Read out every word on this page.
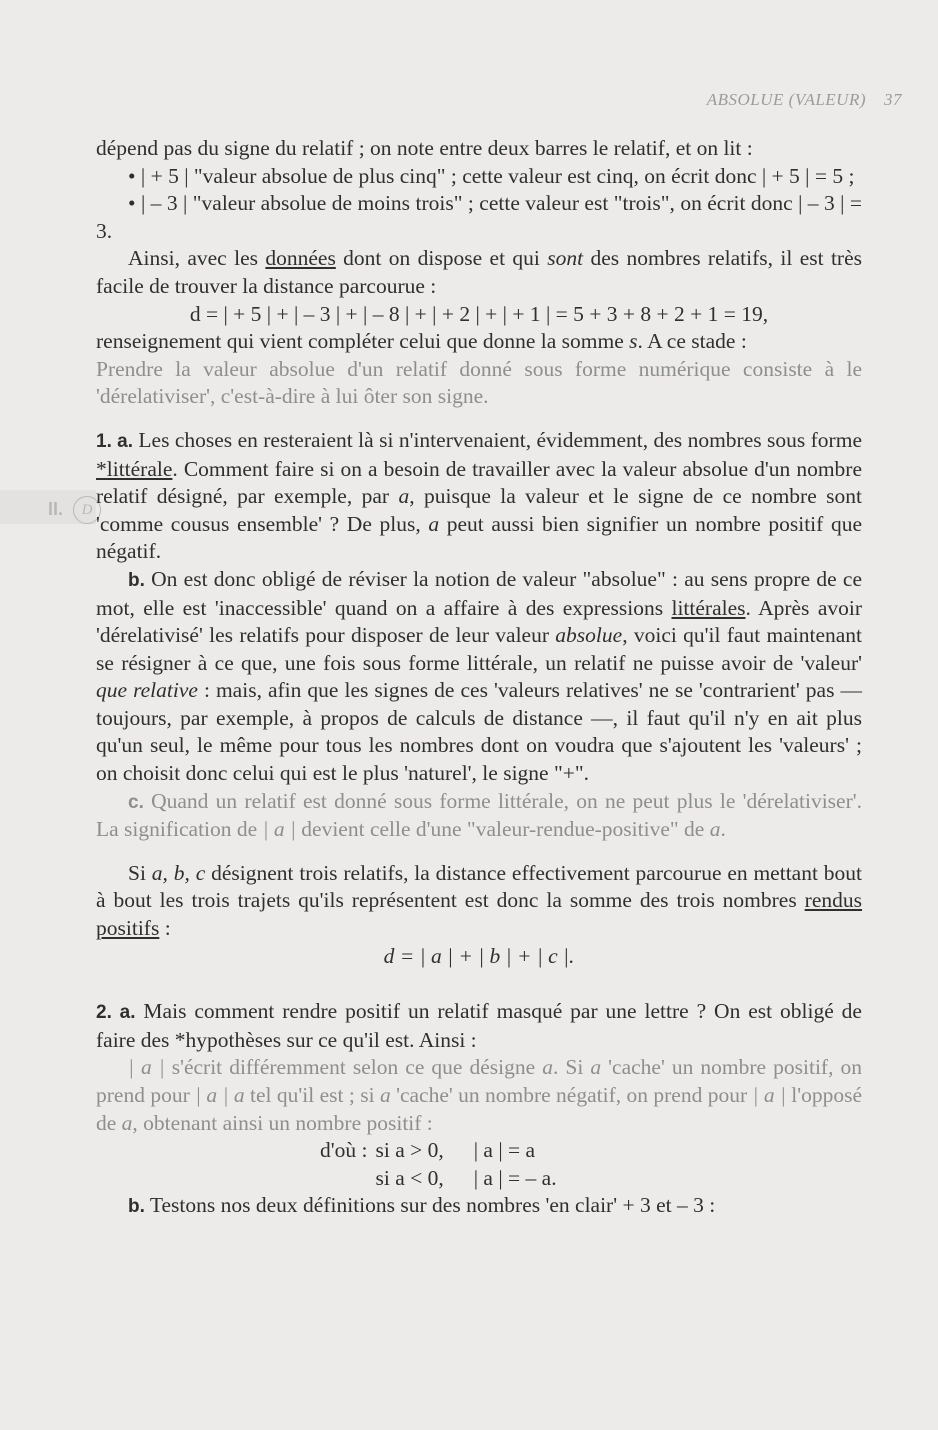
ABSOLUE (VALEUR) 37
II. D

dépend pas du signe du relatif ; on note entre deux barres le relatif, et on lit :

• | + 5 | "valeur absolue de plus cinq" ; cette valeur est cinq, on écrit donc | + 5 | = 5 ;

• | – 3 | "valeur absolue de moins trois" ; cette valeur est "trois", on écrit donc | – 3 | = 3.

Ainsi, avec les données dont on dispose et qui sont des nombres relatifs, il est très facile de trouver la distance parcourue :

d = | + 5 | + | – 3 | + | – 8 | + | + 2 | + | + 1 | = 5 + 3 + 8 + 2 + 1 = 19,

renseignement qui vient compléter celui que donne la somme s. A ce stade :

Prendre la valeur absolue d'un relatif donné sous forme numérique consiste à le 'dérelativiser', c'est-à-dire à lui ôter son signe.

1. a. Les choses en resteraient là si n'intervenaient, évidemment, des nombres sous forme *littérale. Comment faire si on a besoin de travailler avec la valeur absolue d'un nombre relatif désigné, par exemple, par a, puisque la valeur et le signe de ce nombre sont 'comme cousus ensemble' ? De plus, a peut aussi bien signifier un nombre positif que négatif.

b. On est donc obligé de réviser la notion de valeur "absolue" : au sens propre de ce mot, elle est 'inaccessible' quand on a affaire à des expressions littérales. Après avoir 'dérelativisé' les relatifs pour disposer de leur valeur absolue, voici qu'il faut maintenant se résigner à ce que, une fois sous forme littérale, un relatif ne puisse avoir de 'valeur' que relative : mais, afin que les signes de ces 'valeurs relatives' ne se 'contrarient' pas — toujours, par exemple, à propos de calculs de distance —, il faut qu'il n'y en ait plus qu'un seul, le même pour tous les nombres dont on voudra que s'ajoutent les 'valeurs' ; on choisit donc celui qui est le plus 'naturel', le signe "+".

c. Quand un relatif est donné sous forme littérale, on ne peut plus le 'dérelativiser'. La signification de | a | devient celle d'une "valeur-rendue-positive" de a.

Si a, b, c désignent trois relatifs, la distance effectivement parcourue en mettant bout à bout les trois trajets qu'ils représentent est donc la somme des trois nombres rendus positifs :

d = | a | + | b | + | c |.

2. a. Mais comment rendre positif un relatif masqué par une lettre ? On est obligé de faire des *hypothèses sur ce qu'il est. Ainsi :

| a | s'écrit différemment selon ce que désigne a. Si a 'cache' un nombre positif, on prend pour | a | a tel qu'il est ; si a 'cache' un nombre négatif, on prend pour | a | l'opposé de a, obtenant ainsi un nombre positif :

d'où :	si a > 0,	| a | = a
	si a < 0,	| a | = – a.

b. Testons nos deux définitions sur des nombres 'en clair' + 3 et – 3 :
